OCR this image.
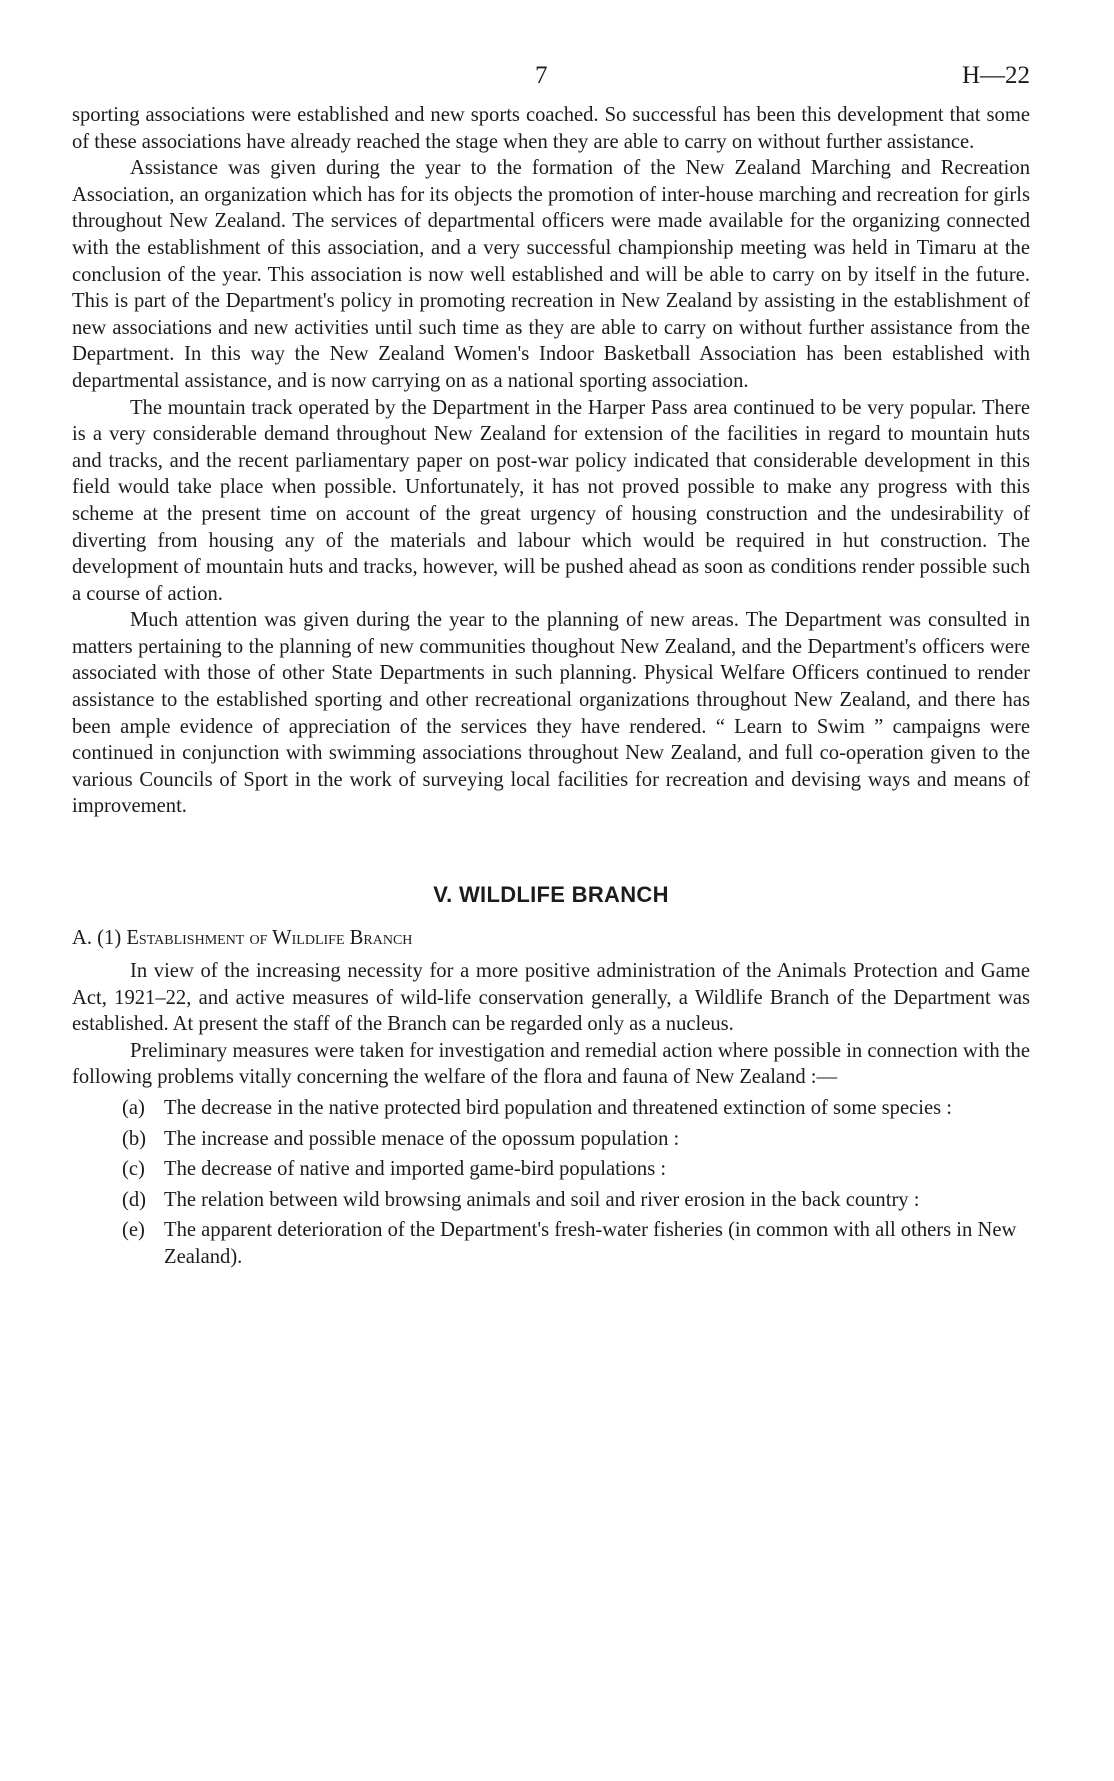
7	H—22

sporting associations were established and new sports coached. So successful has been this development that some of these associations have already reached the stage when they are able to carry on without further assistance.

Assistance was given during the year to the formation of the New Zealand Marching and Recreation Association, an organization which has for its objects the promotion of inter-house marching and recreation for girls throughout New Zealand. The services of departmental officers were made available for the organizing connected with the establishment of this association, and a very successful championship meeting was held in Timaru at the conclusion of the year. This association is now well established and will be able to carry on by itself in the future. This is part of the Department's policy in promoting recreation in New Zealand by assisting in the establishment of new associations and new activities until such time as they are able to carry on without further assistance from the Department. In this way the New Zealand Women's Indoor Basketball Association has been established with departmental assistance, and is now carrying on as a national sporting association.

The mountain track operated by the Department in the Harper Pass area continued to be very popular. There is a very considerable demand throughout New Zealand for extension of the facilities in regard to mountain huts and tracks, and the recent parliamentary paper on post-war policy indicated that considerable development in this field would take place when possible. Unfortunately, it has not proved possible to make any progress with this scheme at the present time on account of the great urgency of housing construction and the undesirability of diverting from housing any of the materials and labour which would be required in hut construction. The development of mountain huts and tracks, however, will be pushed ahead as soon as conditions render possible such a course of action.

Much attention was given during the year to the planning of new areas. The Department was consulted in matters pertaining to the planning of new communities thoughout New Zealand, and the Department's officers were associated with those of other State Departments in such planning. Physical Welfare Officers continued to render assistance to the established sporting and other recreational organizations throughout New Zealand, and there has been ample evidence of appreciation of the services they have rendered. “ Learn to Swim ” campaigns were continued in conjunction with swimming associations throughout New Zealand, and full co-operation given to the various Councils of Sport in the work of surveying local facilities for recreation and devising ways and means of improvement.

V. WILDLIFE BRANCH
A. (1) Establishment of Wildlife Branch

In view of the increasing necessity for a more positive administration of the Animals Protection and Game Act, 1921–22, and active measures of wild-life conservation generally, a Wildlife Branch of the Department was established. At present the staff of the Branch can be regarded only as a nucleus.

Preliminary measures were taken for investigation and remedial action where possible in connection with the following problems vitally concerning the welfare of the flora and fauna of New Zealand :—

(a) The decrease in the native protected bird population and threatened extinction of some species :
(b) The increase and possible menace of the opossum population :
(c) The decrease of native and imported game-bird populations :
(d) The relation between wild browsing animals and soil and river erosion in the back country :
(e) The apparent deterioration of the Department's fresh-water fisheries (in common with all others in New Zealand).
